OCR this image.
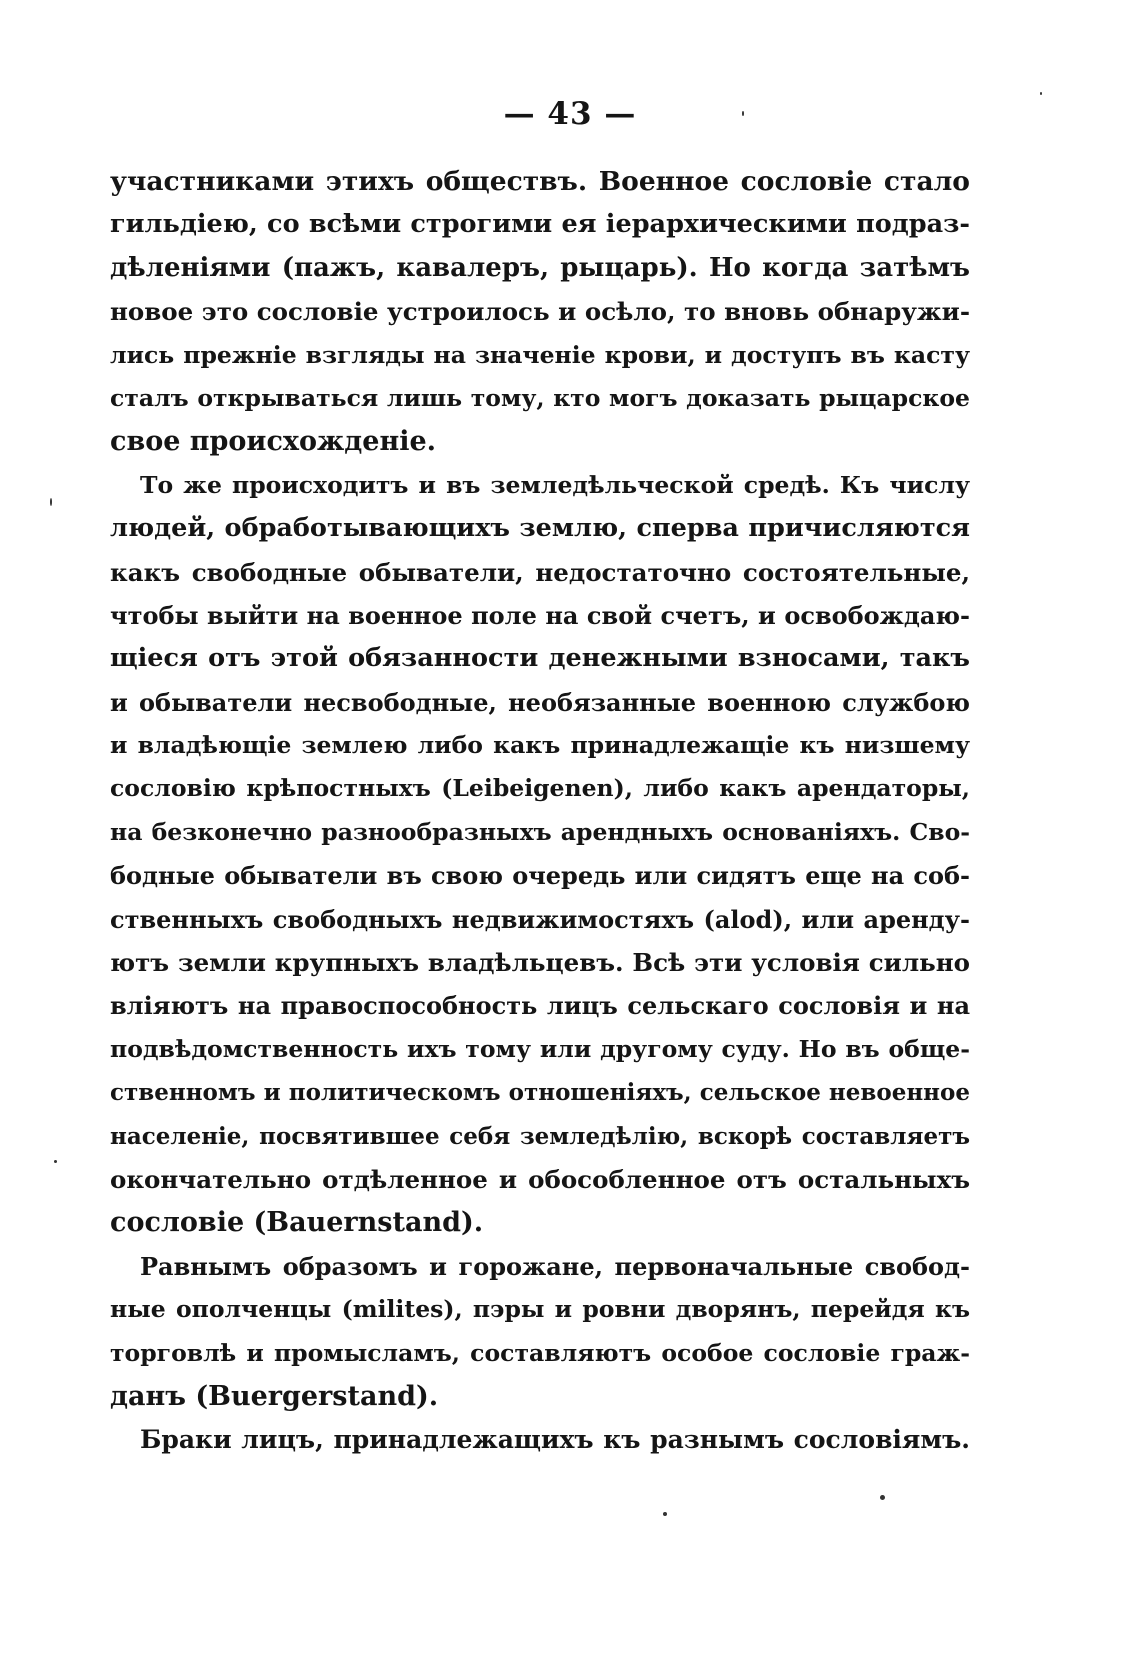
— 43 —

участниками этихъ обществъ. Военное сословіе стало
гильдіею, со всѣми строгими ея іерархическими подраз-
дѣленіями (пажъ, кавалеръ, рыцарь). Но когда затѣмъ
новое это сословіе устроилось и осѣло, то вновь обнаружи-
лись прежніе взгляды на значеніе крови, и доступъ въ касту
сталъ открываться лишь тому, кто могъ доказать рыцарское
свое происхожденіе.

То же происходитъ и въ земледѣльческой средѣ. Къ числу
людей, обработывающихъ землю, сперва причисляются
какъ свободные обыватели, недостаточно состоятельные,
чтобы выйти на военное поле на свой счетъ, и освобождаю-
щіеся отъ этой обязанности денежными взносами, такъ
и обыватели несвободные, необязанные военною службою
и владѣющіе землею либо какъ принадлежащіе къ низшему
сословію крѣпостныхъ (Leibeigenen), либо какъ арендаторы,
на безконечно разнообразныхъ арендныхъ основаніяхъ. Сво-
бодные обыватели въ свою очередь или сидятъ еще на соб-
ственныхъ свободныхъ недвижимостяхъ (alod), или аренду-
ютъ земли крупныхъ владѣльцевъ. Всѣ эти условія сильно
вліяютъ на правоспособность лицъ сельскаго сословія и на
подвѣдомственность ихъ тому или другому суду. Но въ обще-
ственномъ и политическомъ отношеніяхъ, сельское невоенное
населеніе, посвятившее себя земледѣлію, вскорѣ составляетъ
окончательно отдѣленное и обособленное отъ остальныхъ
сословіе (Bauernstand).

Равнымъ образомъ и горожане, первоначальные свобод-
ные ополченцы (milites), пэры и ровни дворянъ, перейдя къ
торговлѣ и промысламъ, составляютъ особое сословіе граж-
данъ (Buergerstand).

Браки лицъ, принадлежащихъ къ разнымъ сословіямъ.
